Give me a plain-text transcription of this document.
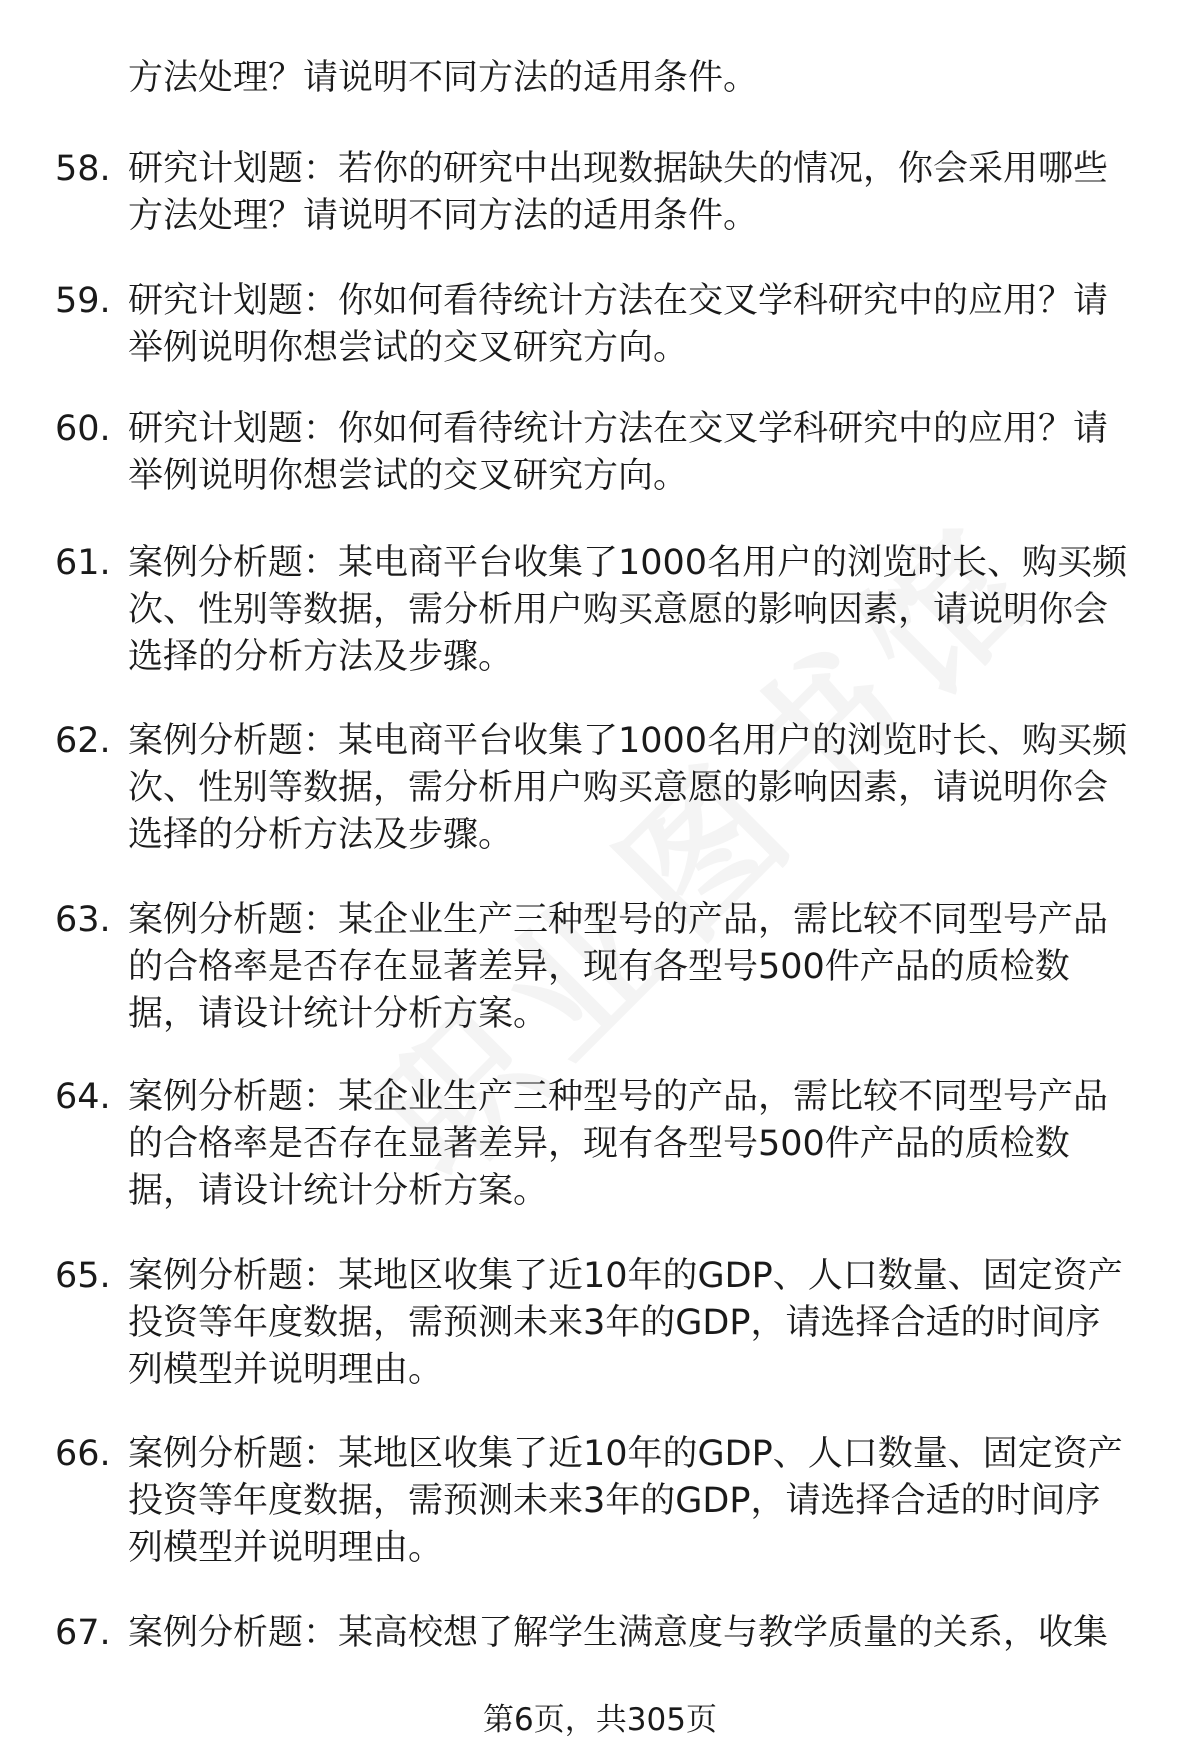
方法处理？请说明不同方法的适用条件。
58. 研究计划题：若你的研究中出现数据缺失的情况，你会采用哪些
方法处理？请说明不同方法的适用条件。
59. 研究计划题：你如何看待统计方法在交叉学科研究中的应用？请
举例说明你想尝试的交叉研究方向。
60. 研究计划题：你如何看待统计方法在交叉学科研究中的应用？请
举例说明你想尝试的交叉研究方向。
61. 案例分析题：某电商平台收集了1000名用户的浏览时长、购买频
次、性别等数据，需分析用户购买意愿的影响因素，请说明你会
选择的分析方法及步骤。
62. 案例分析题：某电商平台收集了1000名用户的浏览时长、购买频
次、性别等数据，需分析用户购买意愿的影响因素，请说明你会
选择的分析方法及步骤。
63. 案例分析题：某企业生产三种型号的产品，需比较不同型号产品
的合格率是否存在显著差异，现有各型号500件产品的质检数
据，请设计统计分析方案。
64. 案例分析题：某企业生产三种型号的产品，需比较不同型号产品
的合格率是否存在显著差异，现有各型号500件产品的质检数
据，请设计统计分析方案。
65. 案例分析题：某地区收集了近10年的GDP、人口数量、固定资产
投资等年度数据，需预测未来3年的GDP，请选择合适的时间序
列模型并说明理由。
66. 案例分析题：某地区收集了近10年的GDP、人口数量、固定资产
投资等年度数据，需预测未来3年的GDP，请选择合适的时间序
列模型并说明理由。
67. 案例分析题：某高校想了解学生满意度与教学质量的关系，收集
第6页，共305页
